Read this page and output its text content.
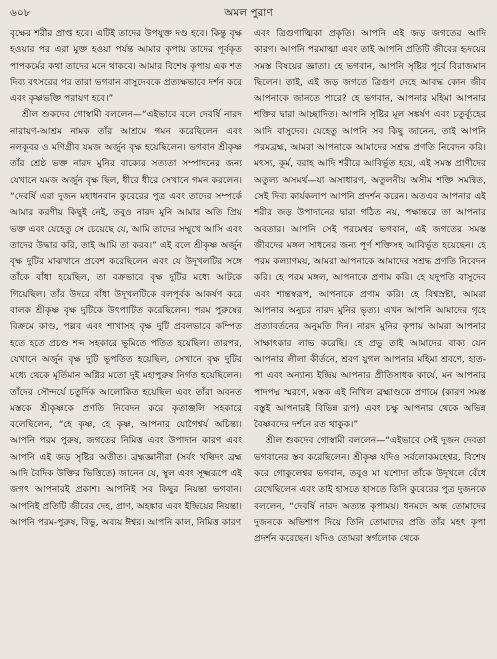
৬০৮	অমল পুরাণ

বৃক্ষের শরীর প্রাপ্ত হবে। এটিই তাদের উপযুক্ত দণ্ড হবে। কিন্তু বৃক্ষ হওয়ার পর এরা মুক্ত হওয়া পর্যন্ত আমার কৃপায় তাদের পূর্বকৃত পাপকর্মের কথা তাদের মনে থাকবে। আমার বিশেষ কৃপায় এক শত দিব্য বৎসরের পর তারা ভগবান বাসুদেবকে প্রত্যক্ষভাবে দর্শন করে এবং কৃষ্ণভক্তি পরায়ণ হবে।”

শ্রীল শুকদেব গোস্বামী বললেন—“এইভাবে বলে দেবর্ষি নারদ নারায়ণ-আশ্রম নামক তাঁর আশ্রমে গমন করেছিলেন এবং নলকূবর ও মণিগ্রীব যমজ অর্জুন বৃক্ষ হয়েছিলেন। ভগবান শ্রীকৃষ্ণ তাঁর শ্রেষ্ঠ ভক্ত নারদ মুনির বাক্যের সত্যতা সম্পাদনের জন্য যেখানে যমজ অর্জুন বৃক্ষ ছিল, ধীরে ধীরে সেখানে গমন করলেন। “দেবর্ষি এরা দুজন মহাধনবান কুবেরের পুত্র এবং তাদের সম্পর্কে আমার করণীয় কিছুই নেই, তবুও নারদ মুনি আমার অতি প্রিয় ভক্ত এবং যেহেতু সে চেয়েছে যে, আমি তাদের সম্মুখে আসি এবং তাদের উদ্ধার করি, তাই আমি তা করব।” এই বলে শ্রীকৃষ্ণ অর্জুন বৃক্ষ দুটির মাঝখানে প্রবেশ করেছিলেন এবং যে উদূখলটির সঙ্গে তাঁকে বাঁধা হয়েছিল, তা বক্রভাবে বৃক্ষ দুটির মধ্যে আটকে গিয়েছিল। তাঁর উদরে বাঁধা উদূখলটিকে বলপূর্বক আকর্ষণ করে বালক শ্রীকৃষ্ণ বৃক্ষ দুটিকে উৎপাটিত করেছিলেন। পরম পুরুষের বিক্রমে কাণ্ড, পল্লব এবং শাখাসহ বৃক্ষ দুটি প্রবলভাবে কম্পিত হতে হতে প্রচণ্ড শব্দ সহকারে ভূমিতে পতিত হয়েছিল। তারপর, যেখানে অর্জুন বৃক্ষ দুটি ভূপতিত হয়েছিল, সেখানে বৃক্ষ দুটির মধ্যে থেকে মূর্তিমান অগ্নির মতো দুই মহাপুরুষ নির্গত হয়েছিলেন। তাঁদের সৌন্দর্যে চতুর্দিক আলোকিত হয়েছিল এবং তাঁরা অবনত মস্তকে শ্রীকৃষ্ণকে প্রণতি নিবেদন করে কৃতাঞ্জলি সহকারে বলেছিলেন, “হে কৃষ্ণ, হে কৃষ্ণ, আপনার যোগৈশ্বর্য অচিন্ত্য। আপনি পরম পুরুষ, জগতের নিমিত্ত এবং উপাদান কারণ এবং আপনি এই জড় সৃষ্টির অতীত। ব্রহ্মজ্ঞানীরা (সর্বং খল্বিদং ব্রহ্ম আদি বৈদিক উক্তির ভিত্তিতে) জানেন যে, স্থূল এবং সূক্ষ্মরূপে এই জগৎ আপনারই প্রকাশ। আপনিই সব কিছুর নিয়ন্তা ভগবান। আপনিই প্রতিটি জীবের দেহ, প্রাণ, অহঙ্কার এবং ইন্দ্রিয়ের নিয়ন্তা। আপনি পরম-পুরুষ, বিভু, অব্যয় ঈশ্বর। আপনি কাল, নিমিত্ত কারণ

এবং ত্রিগুণাত্মিকা প্রকৃতি। আপনি এই জড় জগতের আদি কারণ। আপনি পরমাত্মা এবং তাই আপনি প্রতিটি জীবের হৃদয়ের সমস্ত বিষয়ের জ্ঞাতা। হে ভগবান, আপনি সৃষ্টির পূর্বে বিরাজমান ছিলেন। তাই, এই জড় জগতে ত্রিগুণ দেহে আবদ্ধ কোন জীব আপনাকে জানতে পারে? হে ভগবান, আপনার মহিমা আপনার শক্তির দ্বারা আচ্ছাদিত। আপনি সৃষ্টির মূল সঙ্কর্ষণ এবং চতুর্ব্যূহের আদি বাসুদেব। যেহেতু আপনি সব কিছু জানেন, তাই আপনি পরমব্রহ্ম, আমরা আপনাকে আমাদের সশ্রদ্ধ প্রণতি নিবেদন করি। মৎস্য, কূর্ম, বরাহ আদি শরীরে আবির্ভূত হয়ে, এই সমস্ত প্রাণীদের অতুল্য অসমর্থ—যা অসাধারণ, অতুলনীয় অসীম শক্তি সমন্বিত, সেই দিব্য কার্যকলাপ আপনি প্রদর্শন করেন। অতএব আপনার এই শরীর জড় উপাদানের দ্বারা গঠিত নয়, পক্ষান্তরে তা আপনার অবতার। আপনি সেই পরমেশ্বর ভগবান, এই জগতের সমস্ত জীবদের মঙ্গল সাধনের জন্য পূর্ণ শক্তিসহ আবির্ভূত হয়েছেন। হে পরম কল্যাণময়, আমরা আপনাকে আমাদের সশ্রদ্ধ প্রণতি নিবেদন করি। হে পরম মঙ্গল, আপনাকে প্রণাম করি। হে যদুপতি বাসুদেব এবং শান্তস্বরূপ, আপনাকে প্রণাম করি। হে বিশ্বস্রষ্টা, আমরা আপনার অনুচর নারদ মুনির ভৃত্য। এখন আপনি আমাদের গৃহে প্রত্যাবর্তনের অনুমতি দিন। নারদ মুনির কৃপায় আমরা আপনার সাক্ষাৎকার লাভ করেছি। হে প্রভু তাই আমাদের বাক্য যেন আপনার লীলা কীর্তনে, শ্রবণ যুগল আপনার মহিমা শ্রবণে, হাত-পা এবং অন্যান্য ইন্দ্রিয় আপনার প্রীতিসাধক কার্যে, মন আপনার পাদপদ্ম স্মরণে, মস্তক এই নিখিল ব্রহ্মাণ্ডকে প্রণামে (কারণ সমস্ত বস্তুই আপনারই বিভিন্ন রূপ) এবং চক্ষু আপনার থেকে অভিন্ন বৈষ্ণবদের দর্শনে রত থাকুক।”

শ্রীল শুকদেব গোস্বামী বললেন—“এইভাবে সেই দুজন দেবতা ভগবানের স্তব করেছিলেন। শ্রীকৃষ্ণ যদিও সর্বলোকমহেশ্বর, বিশেষ করে গোকুলেশ্বর ভগবান, তবুও মা যশোদা তাঁকে উদূখলে বেঁধে রেখেছিলেন এবং তাই হাসতে হাসতে তিনি কুবেরের পুত্র দুজনকে বললেন, “দেবর্ষি নারদ অত্যন্ত কৃপাময়। ধনমদে অন্ধ তোমাদের দুজনকে অভিশাপ দিয়ে তিনি তোমাদের প্রতি তাঁর মহৎ কৃপা প্রদর্শন করেছেন। যদিও তোমরা স্বর্গলোক থেকে
